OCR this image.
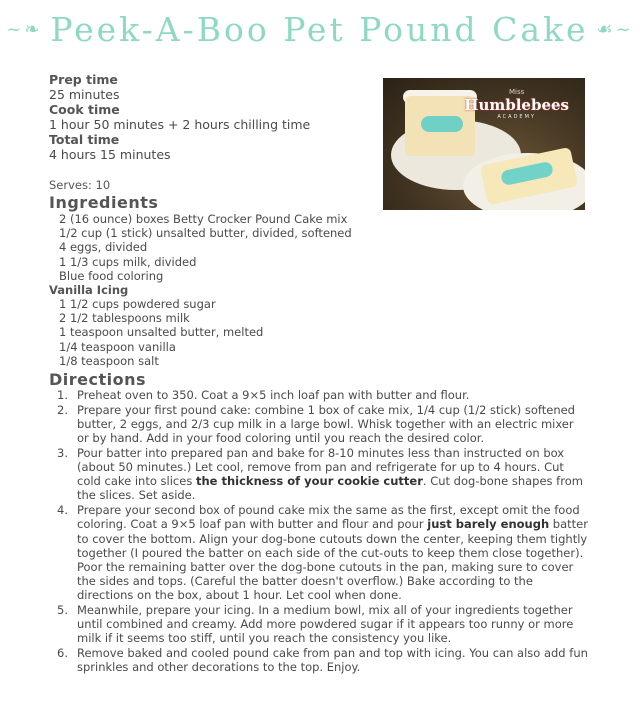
~❧ Peek-A-Boo Pet Pound Cake ☙~
Prep time
25 minutes
Cook time
1 hour 50 minutes + 2 hours chilling time
Total time
4 hours 15 minutes
Miss
Humblebees
ACADEMY
Serves: 10
Ingredients
2 (16 ounce) boxes Betty Crocker Pound Cake mix
1/2 cup (1 stick) unsalted butter, divided, softened
4 eggs, divided
1 1/3 cups milk, divided
Blue food coloring
Vanilla Icing
1 1/2 cups powdered sugar
2 1/2 tablespoons milk
1 teaspoon unsalted butter, melted
1/4 teaspoon vanilla
1/8 teaspoon salt
Directions
1. Preheat oven to 350. Coat a 9×5 inch loaf pan with butter and flour.
2. Prepare your first pound cake: combine 1 box of cake mix, 1/4 cup (1/2 stick) softened butter, 2 eggs, and 2/3 cup milk in a large bowl. Whisk together with an electric mixer or by hand. Add in your food coloring until you reach the desired color.
3. Pour batter into prepared pan and bake for 8-10 minutes less than instructed on box (about 50 minutes.) Let cool, remove from pan and refrigerate for up to 4 hours. Cut cold cake into slices the thickness of your cookie cutter. Cut dog-bone shapes from the slices. Set aside.
4. Prepare your second box of pound cake mix the same as the first, except omit the food coloring. Coat a 9×5 loaf pan with butter and flour and pour just barely enough batter to cover the bottom. Align your dog-bone cutouts down the center, keeping them tightly together (I poured the batter on each side of the cut-outs to keep them close together). Poor the remaining batter over the dog-bone cutouts in the pan, making sure to cover the sides and tops. (Careful the batter doesn't overflow.) Bake according to the directions on the box, about 1 hour. Let cool when done.
5. Meanwhile, prepare your icing. In a medium bowl, mix all of your ingredients together until combined and creamy. Add more powdered sugar if it appears too runny or more milk if it seems too stiff, until you reach the consistency you like.
6. Remove baked and cooled pound cake from pan and top with icing. You can also add fun sprinkles and other decorations to the top. Enjoy.
